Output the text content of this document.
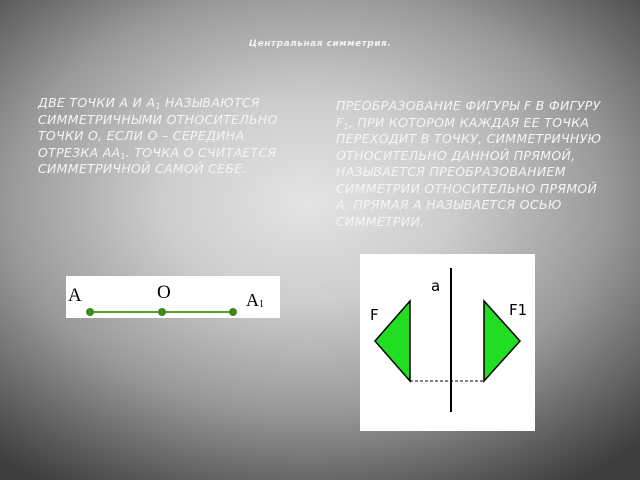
Центральная симметрия.
ДВЕ ТОЧКИ А И $А_1$ НАЗЫВАЮТСЯ СИММЕТРИЧНЫМИ ОТНОСИТЕЛЬНО ТОЧКИ О, ЕСЛИ О – СЕРЕДИНА ОТРЕЗКА $АА_1$. ТОЧКА О СЧИТАЕТСЯ СИММЕТРИЧНОЙ САМОЙ СЕБЕ.
ПРЕОБРАЗОВАНИЕ ФИГУРЫ F В ФИГУРУ $F_1$, ПРИ КОТОРОМ КАЖДАЯ ЕЕ ТОЧКА ПЕРЕХОДИТ В ТОЧКУ, СИММЕТРИЧНУЮ ОТНОСИТЕЛЬНО ДАННОЙ ПРЯМОЙ, НАЗЫВАЕТСЯ ПРЕОБРАЗОВАНИЕМ СИММЕТРИИ ОТНОСИТЕЛЬНО ПРЯМОЙ А. ПРЯМАЯ А НАЗЫВАЕТСЯ ОСЬЮ СИММЕТРИИ.
A	O	A1
a
F	F1
